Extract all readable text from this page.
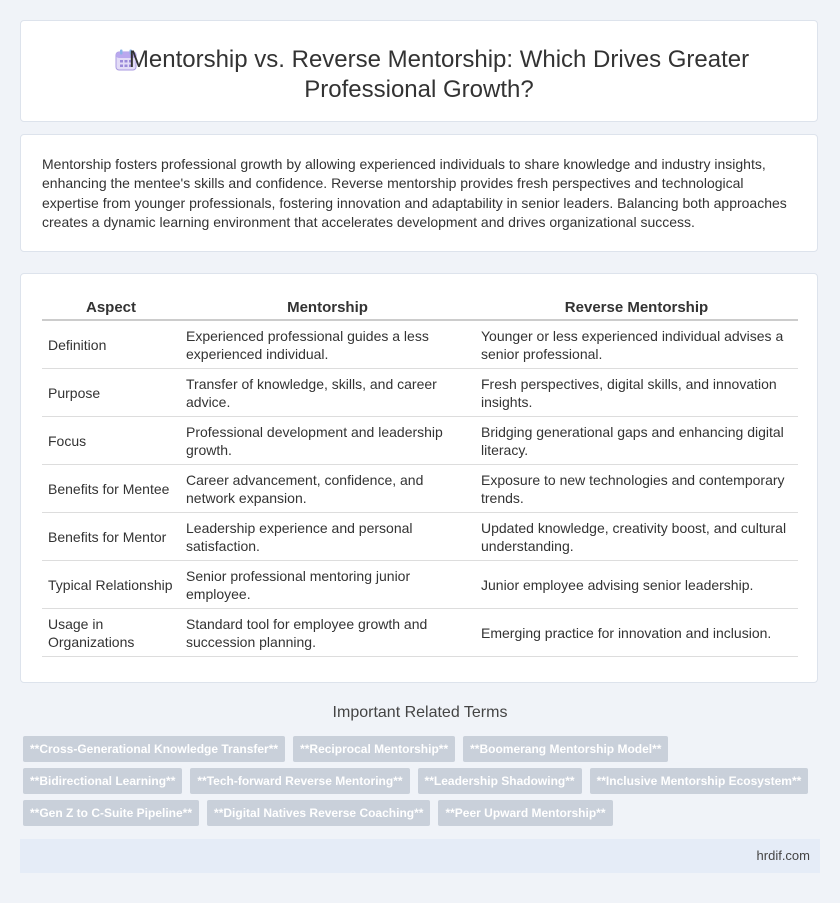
Mentorship vs. Reverse Mentorship: Which Drives Greater
Professional Growth?
Mentorship fosters professional growth by allowing experienced individuals to share knowledge and industry insights, enhancing the mentee's skills and confidence. Reverse mentorship provides fresh perspectives and technological expertise from younger professionals, fostering innovation and adaptability in senior leaders. Balancing both approaches creates a dynamic learning environment that accelerates development and drives organizational success.
Aspect	Mentorship	Reverse Mentorship
Definition	Experienced professional guides a less experienced individual.	Younger or less experienced individual advises a senior professional.
Purpose	Transfer of knowledge, skills, and career advice.	Fresh perspectives, digital skills, and innovation insights.
Focus	Professional development and leadership growth.	Bridging generational gaps and enhancing digital literacy.
Benefits for Mentee	Career advancement, confidence, and network expansion.	Exposure to new technologies and contemporary trends.
Benefits for Mentor	Leadership experience and personal satisfaction.	Updated knowledge, creativity boost, and cultural understanding.
Typical Relationship	Senior professional mentoring junior employee.	Junior employee advising senior leadership.
Usage in Organizations	Standard tool for employee growth and succession planning.	Emerging practice for innovation and inclusion.
Important Related Terms
**Cross-Generational Knowledge Transfer**	**Reciprocal Mentorship**	**Boomerang Mentorship Model**
**Bidirectional Learning**	**Tech-forward Reverse Mentoring**	**Leadership Shadowing**	**Inclusive Mentorship Ecosystem**
**Gen Z to C-Suite Pipeline**	**Digital Natives Reverse Coaching**	**Peer Upward Mentorship**
hrdif.com
